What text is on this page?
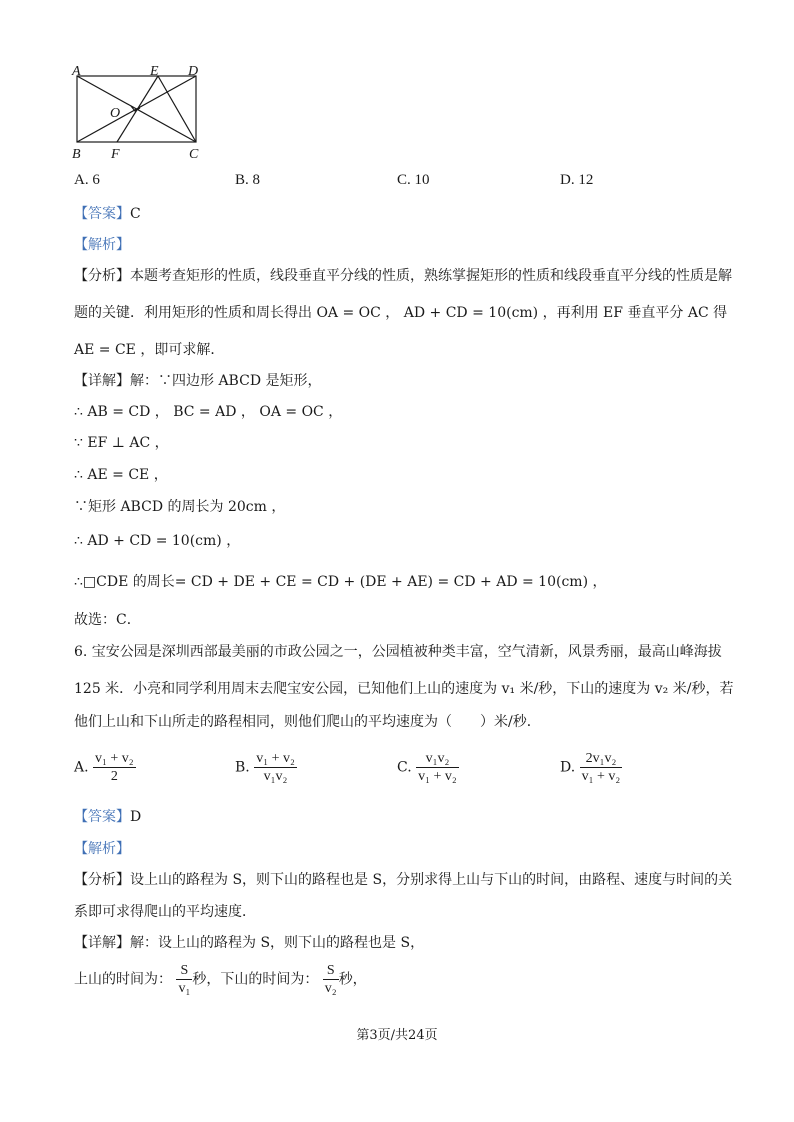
A	E D
O
B F	C
A. 6	B. 8	C. 10	D. 12
【答案】C
【解析】
【分析】本题考查矩形的性质，线段垂直平分线的性质，熟练掌握矩形的性质和线段垂直平分线的性质是解
题的关键．利用矩形的性质和周长得出 OA = OC ， AD + CD = 10(cm) ，再利用 EF 垂直平分 AC 得
AE = CE ，即可求解．
【详解】解：∵四边形 ABCD 是矩形，
∴ AB = CD ， BC = AD ， OA = OC ，
∵ EF ⊥ AC ，
∴ AE = CE ，
∵矩形 ABCD 的周长为 20cm ，
∴ AD + CD = 10(cm) ，
∴□CDE 的周长= CD + DE + CE = CD + (DE + AE) = CD + AD = 10(cm) ，
故选：C．
6. 宝安公园是深圳西部最美丽的市政公园之一，公园植被种类丰富，空气清新，风景秀丽，最高山峰海拔
125 米．小亮和同学利用周末去爬宝安公园，已知他们上山的速度为 v₁ 米/秒，下山的速度为 v₂ 米/秒，若
他们上山和下山所走的路程相同，则他们爬山的平均速度为（　　）米/秒．
A. $\frac{\text{v₁ + v₂}}{2}$	B. $\frac{\text{v₁ + v₂}}{\text{v₁v₂}}$	C. $\frac{\text{v₁v₂}}{\text{v₁ + v₂}}$	D. $\frac{\text{2v₁v₂}}{\text{v₁ + v₂}}$
【答案】D
【解析】
【分析】设上山的路程为 S，则下山的路程也是 S，分别求得上山与下山的时间，由路程、速度与时间的关
系即可求得爬山的平均速度．
【详解】解：设上山的路程为 S，则下山的路程也是 S，
上山的时间为： $\frac{S}{\text{v₁}}$ 秒，下山的时间为： $\frac{S}{\text{v₂}}$ 秒，
第3页/共24页
